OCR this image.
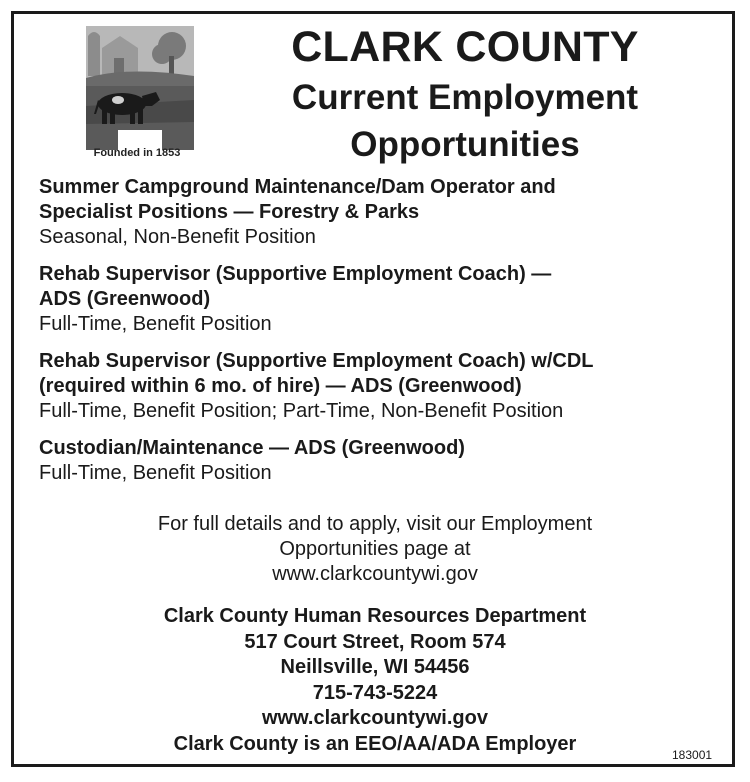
Founded in 1853
CLARK COUNTY
Current Employment
Opportunities
Summer Campground Maintenance/Dam Operator and
Specialist Positions — Forestry & Parks
Seasonal, Non-Benefit Position
Rehab Supervisor (Supportive Employment Coach) —
ADS (Greenwood)
Full-Time, Benefit Position
Rehab Supervisor (Supportive Employment Coach) w/CDL
(required within 6 mo. of hire) — ADS (Greenwood)
Full-Time, Benefit Position; Part-Time, Non-Benefit Position
Custodian/Maintenance — ADS (Greenwood)
Full-Time, Benefit Position
For full details and to apply, visit our Employment
Opportunities page at
www.clarkcountywi.gov
Clark County Human Resources Department
517 Court Street, Room 574
Neillsville, WI 54456
715-743-5224
www.clarkcountywi.gov
Clark County is an EEO/AA/ADA Employer
183001
